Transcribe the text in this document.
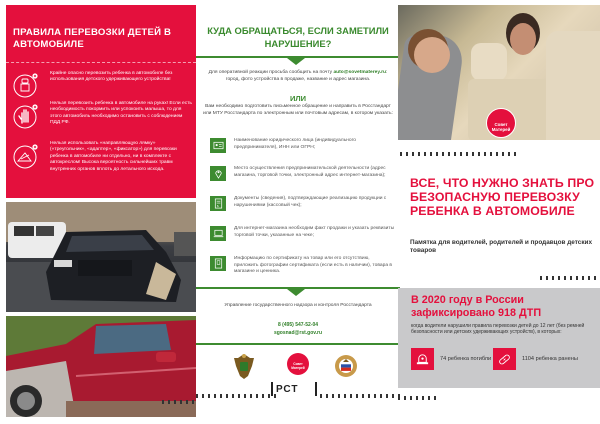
ПРАВИЛА ПЕРЕВОЗКИ ДЕТЕЙ В АВТОМОБИЛЕ
Крайне опасно перевозить ребенка в автомобиле без использования детского удерживающего устройства!
Нельзя перевозить ребенка в автомобиле на руках! Если есть необходимость покормить или успокоить малыша, то для этого автомобиль необходимо остановить с соблюдением ПДД РФ.
Нельзя использовать «направляющую лямку» («треугольник», «адаптер», «фиксатор») для перевозки ребенка в автомобиле ни отдельно, ни в комплекте с автокреслом! Высока вероятность сильнейших травм внутренних органов вплоть до летального исхода.
КУДА ОБРАЩАТЬСЯ, ЕСЛИ ЗАМЕТИЛИ НАРУШЕНИЕ?
Для оперативной реакции просьба сообщить на почту auto@sovetmaterey.ru: город, фото устройства в продаже, название и адрес магазина.
ИЛИ
Вам необходимо подготовить письменное обращение и направить в Росстандарт или МТУ Росстандарта по электронным или почтовым адресам, в котором указать:
Наименование юридического лица (индивидуального предпринимателя), ИНН или ОГРН;
Место осуществления предпринимательской деятельности (адрес магазина, торговой точки, электронный адрес интернет-магазина);
$
Документы (сведения), подтверждающие реализацию продукции с нарушениями (кассовый чек);
Для интернет-магазина необходим факт продажи и указать реквизиты торговой точки, указанные на чеке;
Информацию по сертификату на товар или его отсутствию, приложить фотографии сертификата (если есть в наличии), товара в магазине и ценника.
Управление государственного надзора и контроля Росстандарта
8 (495) 547-52-04
sgosnad@rst.gov.ru
Совет Матерей
РСТ
Совет Матерей
ВСЕ, ЧТО НУЖНО ЗНАТЬ ПРО БЕЗОПАСНУЮ ПЕРЕВОЗКУ РЕБЕНКА В АВТОМОБИЛЕ
Памятка для водителей, родителей и продавцов детских товаров
В 2020 году в России зафиксировано 918 ДТП
когда водители нарушили правила перевозки детей до 12 лет (без ремней безопасности или детских удерживающих устройств), в которых:
74 ребенка погибли	1104 ребенка ранены
